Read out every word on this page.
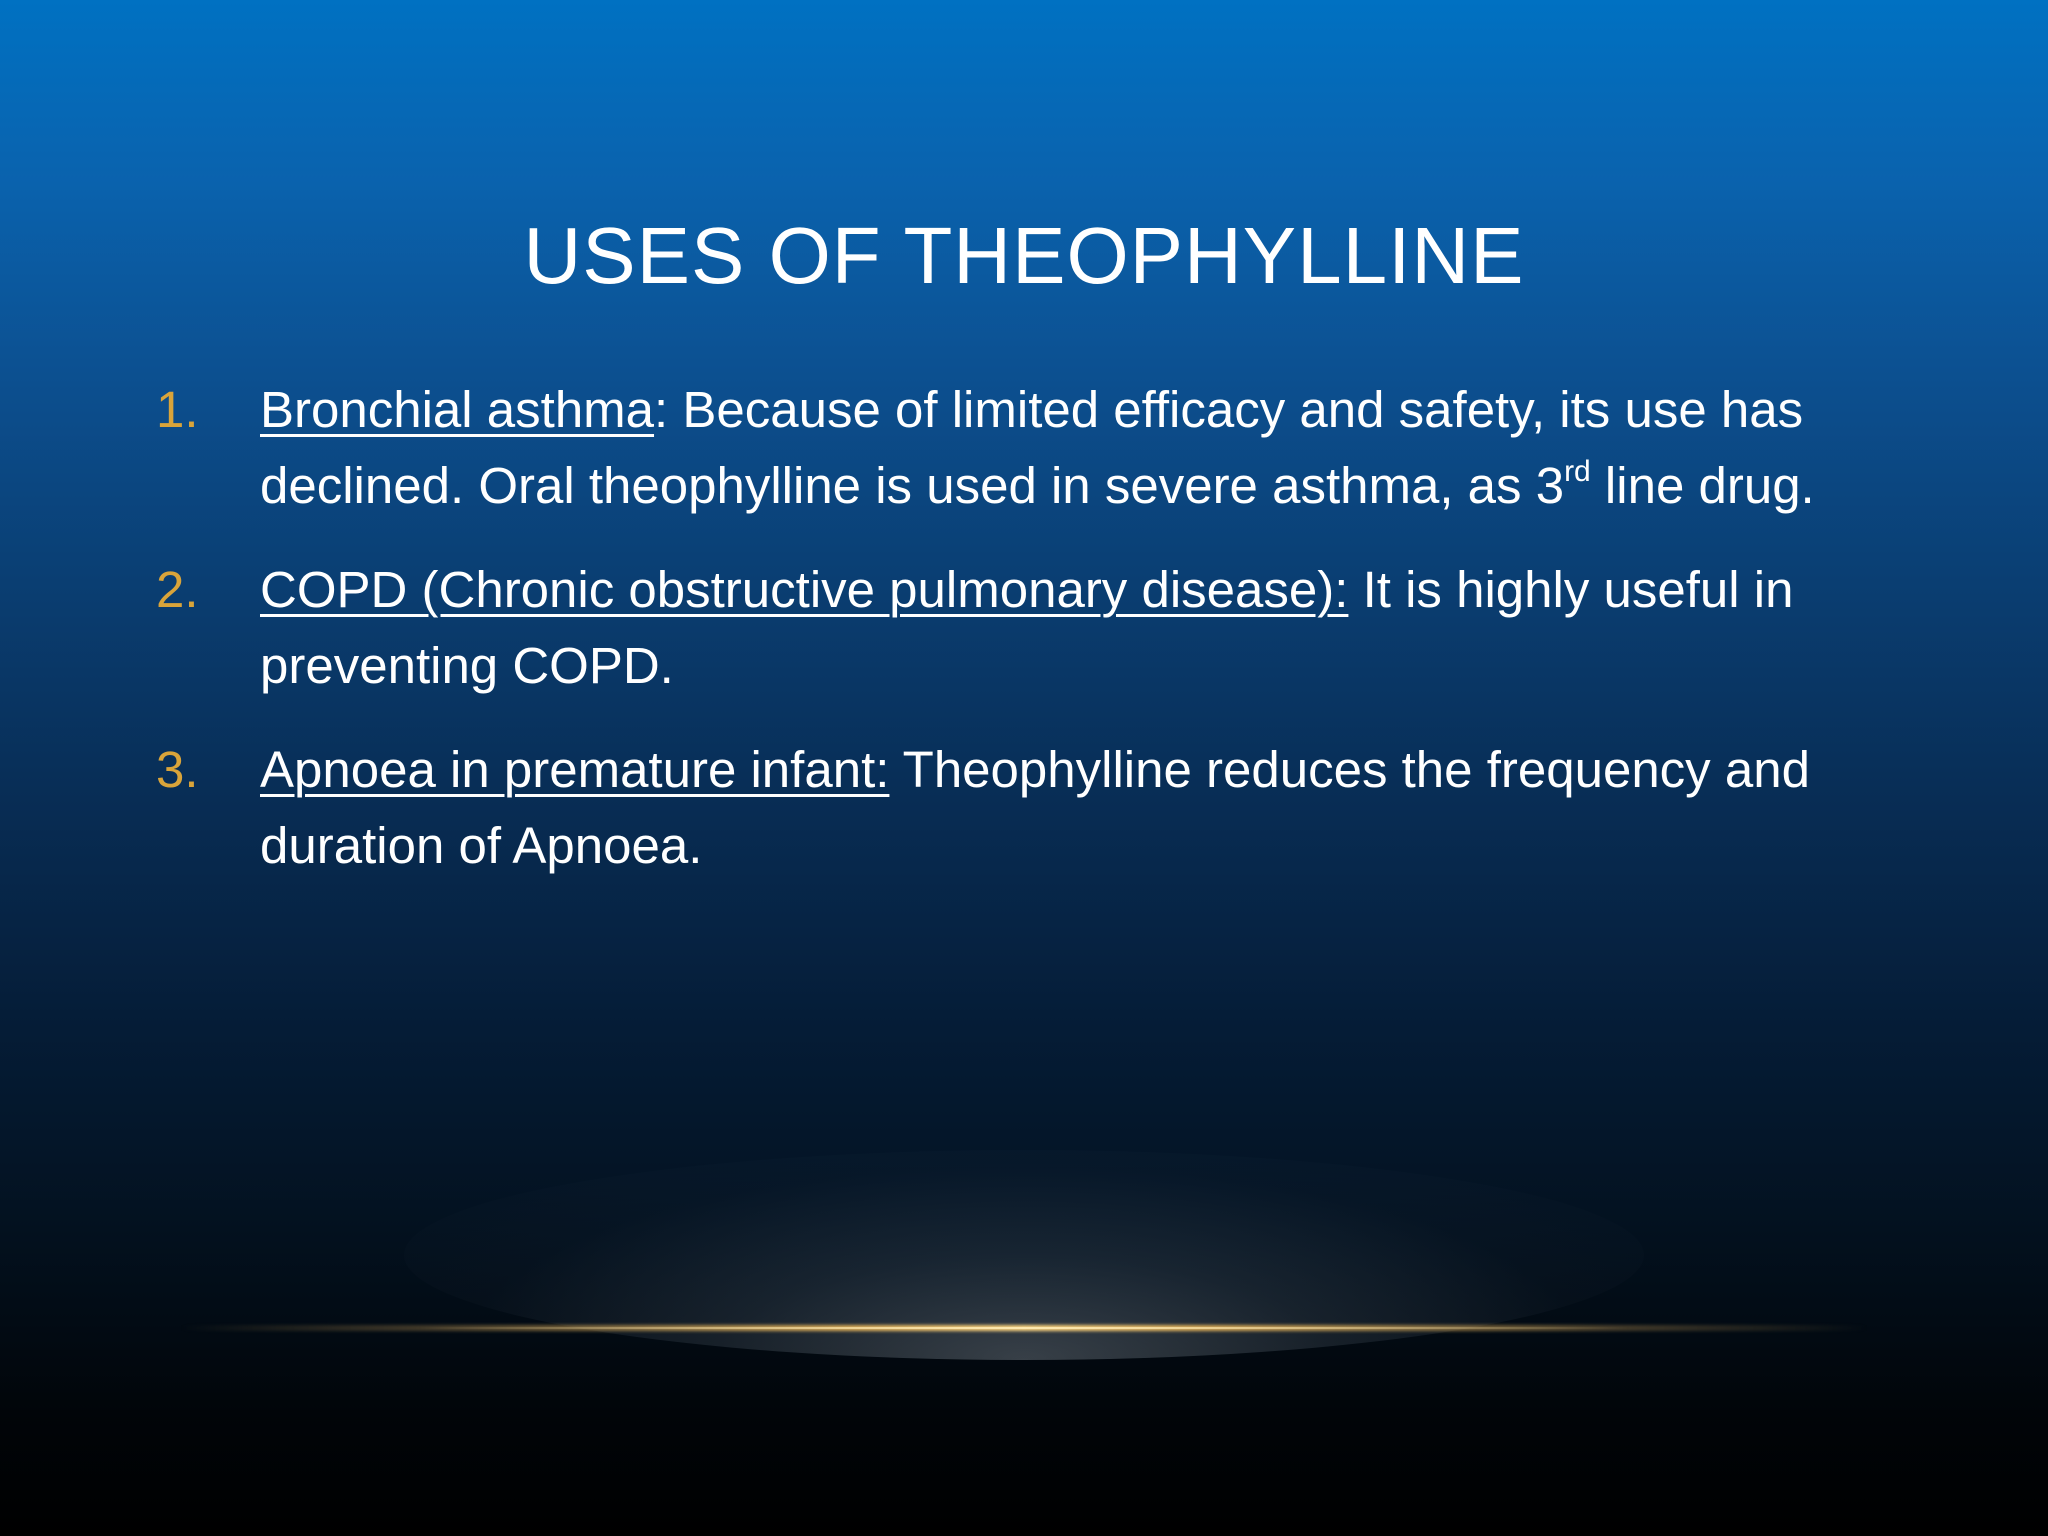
USES OF THEOPHYLLINE
1. Bronchial asthma: Because of limited efficacy and safety, its use has declined. Oral theophylline is used in severe asthma, as 3rd line drug.
2. COPD (Chronic obstructive pulmonary disease): It is highly useful in preventing COPD.
3. Apnoea in premature infant: Theophylline reduces the frequency and duration of Apnoea.
